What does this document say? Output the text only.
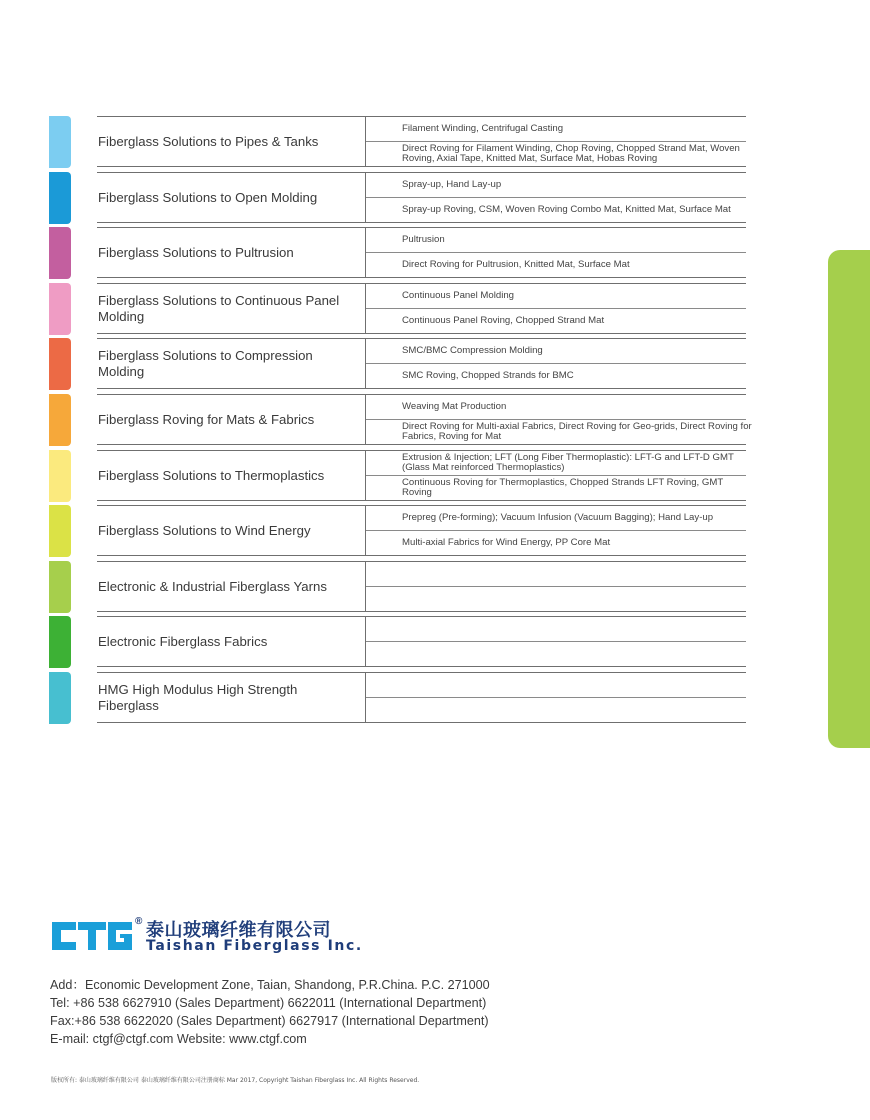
Fiberglass Solutions to Pipes & Tanks
Filament Winding, Centrifugal Casting
Direct Roving for Filament Winding, Chop Roving, Chopped Strand Mat, Woven Roving, Axial Tape, Knitted Mat, Surface Mat, Hobas Roving
Fiberglass Solutions to Open Molding
Spray-up, Hand Lay-up
Spray-up Roving, CSM, Woven Roving Combo Mat, Knitted Mat, Surface Mat
Fiberglass Solutions to Pultrusion
Pultrusion
Direct Roving for Pultrusion, Knitted Mat, Surface Mat
Fiberglass Solutions to Continuous Panel Molding
Continuous Panel Molding
Continuous Panel Roving, Chopped Strand Mat
Fiberglass Solutions to Compression Molding
SMC/BMC Compression Molding
SMC Roving, Chopped Strands for BMC
Fiberglass Roving for Mats & Fabrics
Weaving Mat Production
Direct Roving for Multi-axial Fabrics, Direct Roving for Geo-grids, Direct Roving for Fabrics, Roving for Mat
Fiberglass Solutions to Thermoplastics
Extrusion & Injection; LFT (Long Fiber Thermoplastic): LFT-G and LFT-D GMT (Glass Mat reinforced Thermoplastics)
Continuous Roving for Thermoplastics, Chopped Strands LFT Roving, GMT Roving
Fiberglass Solutions to Wind Energy
Prepreg (Pre-forming); Vacuum Infusion (Vacuum Bagging); Hand Lay-up
Multi-axial Fabrics for Wind Energy, PP Core Mat
Electronic & Industrial Fiberglass Yarns
Electronic Fiberglass Fabrics
HMG High Modulus High Strength Fiberglass
® 泰山玻璃纤维有限公司
Taishan Fiberglass Inc.
Add：Economic Development Zone, Taian, Shandong, P.R.China. P.C. 271000
Tel: +86 538 6627910 (Sales Department) 6622011 (International Department)
Fax:+86 538 6622020 (Sales Department) 6627917 (International Department)
E-mail: ctgf@ctgf.com Website: www.ctgf.com
版权所有: 泰山玻璃纤维有限公司 泰山玻璃纤维有限公司注册商标 Mar 2017, Copyright Taishan Fiberglass Inc. All Rights Reserved.
